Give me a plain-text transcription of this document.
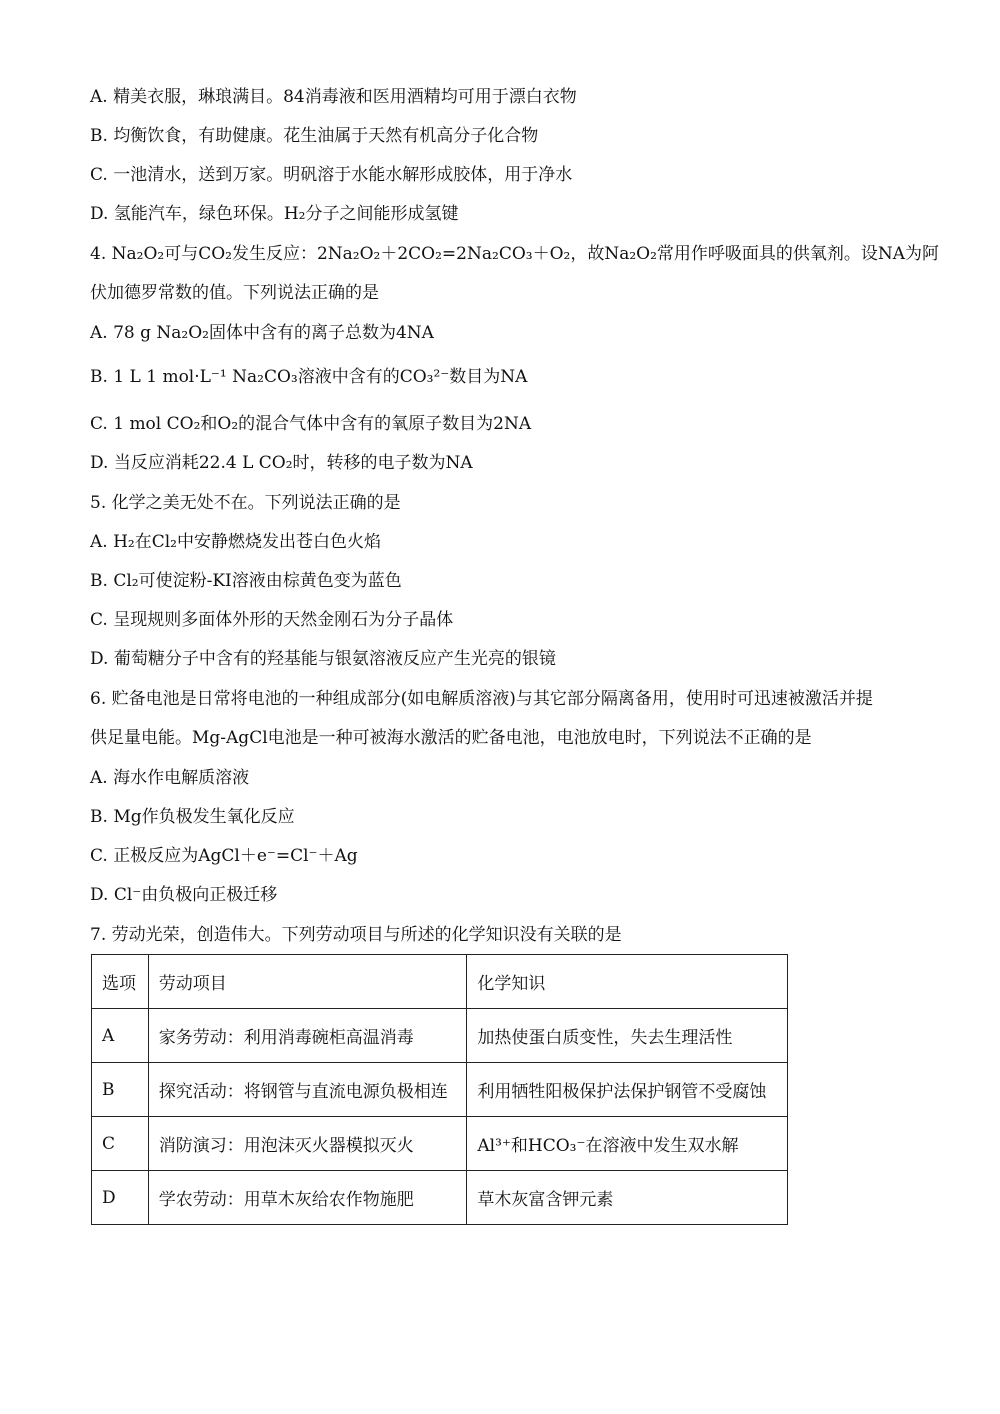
A. 精美衣服，琳琅满目。84消毒液和医用酒精均可用于漂白衣物

B. 均衡饮食，有助健康。花生油属于天然有机高分子化合物

C. 一池清水，送到万家。明矾溶于水能水解形成胶体，用于净水

D. 氢能汽车，绿色环保。H₂分子之间能形成氢键

4. Na₂O₂可与CO₂发生反应：2Na₂O₂＋2CO₂=2Na₂CO₃＋O₂，故Na₂O₂常用作呼吸面具的供氧剂。设NA为阿

伏加德罗常数的值。下列说法正确的是

A. 78 g Na₂O₂固体中含有的离子总数为4NA

B. 1 L 1 mol·L⁻¹ Na₂CO₃溶液中含有的CO₃²⁻数目为NA

C. 1 mol CO₂和O₂的混合气体中含有的氧原子数目为2NA

D. 当反应消耗22.4 L CO₂时，转移的电子数为NA

5. 化学之美无处不在。下列说法正确的是

A. H₂在Cl₂中安静燃烧发出苍白色火焰

B. Cl₂可使淀粉-KI溶液由棕黄色变为蓝色

C. 呈现规则多面体外形的天然金刚石为分子晶体

D. 葡萄糖分子中含有的羟基能与银氨溶液反应产生光亮的银镜

6. 贮备电池是日常将电池的一种组成部分(如电解质溶液)与其它部分隔离备用，使用时可迅速被激活并提

供足量电能。Mg-AgCl电池是一种可被海水激活的贮备电池，电池放电时，下列说法不正确的是

A. 海水作电解质溶液

B. Mg作负极发生氧化反应

C. 正极反应为AgCl＋e⁻=Cl⁻＋Ag

D. Cl⁻由负极向正极迁移

7. 劳动光荣，创造伟大。下列劳动项目与所述的化学知识没有关联的是

选项	劳动项目	化学知识
A	家务劳动：利用消毒碗柜高温消毒	加热使蛋白质变性，失去生理活性
B	探究活动：将钢管与直流电源负极相连	利用牺牲阳极保护法保护钢管不受腐蚀
C	消防演习：用泡沫灭火器模拟灭火	Al³⁺和HCO₃⁻在溶液中发生双水解
D	学农劳动：用草木灰给农作物施肥	草木灰富含钾元素
